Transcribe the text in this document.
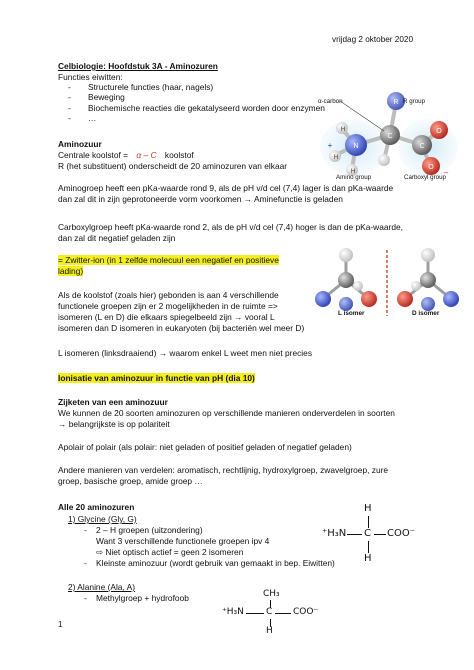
vrijdag 2 oktober 2020
Celbiologie: Hoofdstuk 3A - Aminozuren
Functies eiwitten:
- Structurele functies (haar, nagels)
- Beweging
- Biochemische reacties die gekatalyseerd worden door enzymen
- …
Aminozuur
Centrale koolstof = α – C koolstof
R (het substituent) onderscheidt de 20 aminozuren van elkaar
Aminogroep heeft een pKa-waarde rond 9, als de pH v/d cel (7,4) lager is dan pKa-waarde
dan zal dit in zijn geprotoneerde vorm voorkomen → Aminefunctie is geladen
Carboxylgroep heeft pKa-waarde rond 2, als de pH v/d cel (7,4) hoger is dan de pKa-waarde,
dan zal dit negatief geladen zijn
= Zwitter-ion (in 1 zelfde molecuul een negatief en positieve
lading)
Als de koolstof (zoals hier) gebonden is aan 4 verschillende
functionele groepen zijn er 2 mogelijkheden in de ruimte =>
isomeren (L en D) die elkaars spiegelbeeld zijn → vooral L
isomeren dan D isomeren in eukaryoten (bij bacteriën wel meer D)
L isomeren (linksdraaiend) → waarom enkel L weet men niet precies
Ionisatie van aminozuur in functie van pH (dia 10)
Zijketen van een aminozuur
We kunnen de 20 soorten aminozuren op verschillende manieren onderverdelen in soorten
→ belangrijkste is op polariteit
Apolair of polair (als polair: niet geladen of positief geladen of negatief geladen)
Andere manieren van verdelen: aromatisch, rechtlijnig, hydroxylgroep, zwavelgroep, zure
groep, basische groep, amide groep …
Alle 20 aminozuren
1) Glycine (Gly, G)
- 2 – H groepen (uitzondering)
Want 3 verschillende functionele groepen ipv 4
⇨ Niet optisch actief = geen 2 isomeren
- Kleinste aminozuur (wordt gebruik van gemaakt in bep. Eiwitten)
2) Alanine (Ala, A)
- Methylgroep + hydrofoob
1
R
H
H
H
N
C
C
O
O
+
–
α-carbon	R group
Amino group	Carboxyl group
L isomer	D isomer
H
⁺H₃N C COO⁻
H
CH₃
⁺H₃N C COO⁻
H
